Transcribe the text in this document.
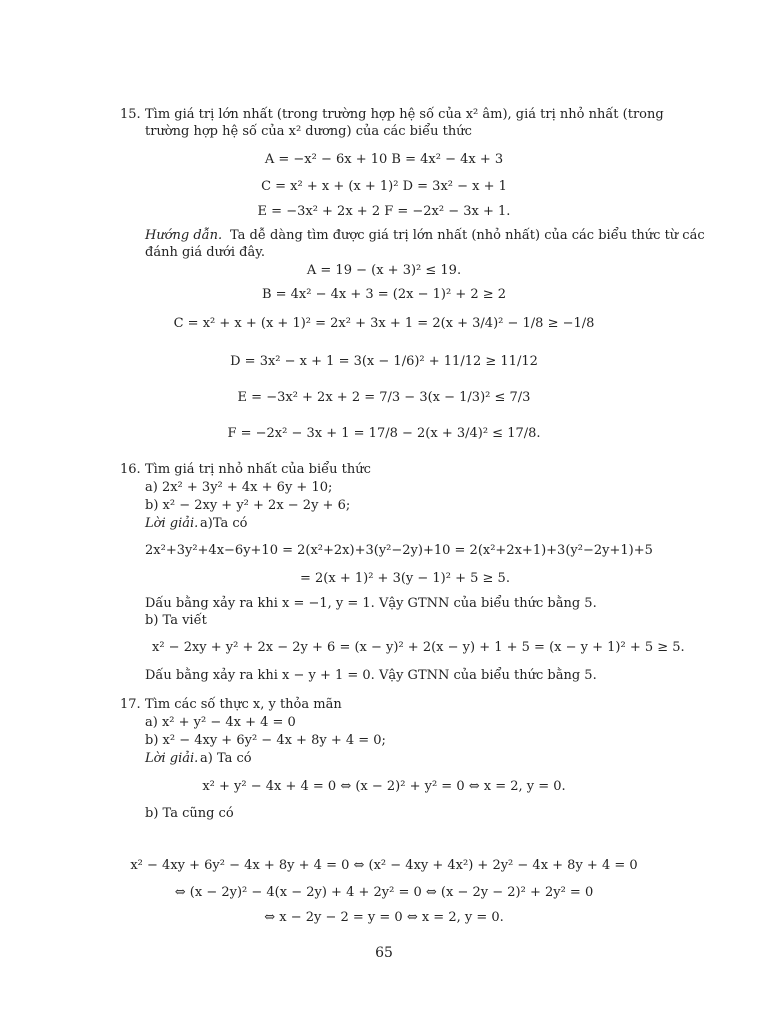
15. Tìm giá trị lớn nhất (trong trường hợp hệ số của x² âm), giá trị nhỏ nhất (trong
trường hợp hệ số của x² dương) của các biểu thức
A = −x² − 6x + 10 B = 4x² − 4x + 3
C = x² + x + (x + 1)² D = 3x² − x + 1
E = −3x² + 2x + 2 F = −2x² − 3x + 1.
Hướng dẫn. Ta dễ dàng tìm được giá trị lớn nhất (nhỏ nhất) của các biểu thức từ các
đánh giá dưới đây.
A = 19 − (x + 3)² ≤ 19.
B = 4x² − 4x + 3 = (2x − 1)² + 2 ≥ 2
C = x² + x + (x + 1)² = 2x² + 3x + 1 = 2(x + 3/4)² − 1/8 ≥ −1/8
D = 3x² − x + 1 = 3(x − 1/6)² + 11/12 ≥ 11/12
E = −3x² + 2x + 2 = 7/3 − 3(x − 1/3)² ≤ 7/3
F = −2x² − 3x + 1 = 17/8 − 2(x + 3/4)² ≤ 17/8.
16. Tìm giá trị nhỏ nhất của biểu thức
a) 2x² + 3y² + 4x + 6y + 10;
b) x² − 2xy + y² + 2x − 2y + 6;
Lời giải. a)Ta có
2x²+3y²+4x−6y+10 = 2(x²+2x)+3(y²−2y)+10 = 2(x²+2x+1)+3(y²−2y+1)+5
= 2(x + 1)² + 3(y − 1)² + 5 ≥ 5.
Dấu bằng xảy ra khi x = −1, y = 1. Vậy GTNN của biểu thức bằng 5.
b) Ta viết
x² − 2xy + y² + 2x − 2y + 6 = (x − y)² + 2(x − y) + 1 + 5 = (x − y + 1)² + 5 ≥ 5.
Dấu bằng xảy ra khi x − y + 1 = 0. Vậy GTNN của biểu thức bằng 5.
17. Tìm các số thực x, y thỏa mãn
a) x² + y² − 4x + 4 = 0
b) x² − 4xy + 6y² − 4x + 8y + 4 = 0;
Lời giải. a) Ta có
x² + y² − 4x + 4 = 0 ⇔ (x − 2)² + y² = 0 ⇔ x = 2, y = 0.
b) Ta cũng có
x² − 4xy + 6y² − 4x + 8y + 4 = 0 ⇔ (x² − 4xy + 4x²) + 2y² − 4x + 8y + 4 = 0
⇔ (x − 2y)² − 4(x − 2y) + 4 + 2y² = 0 ⇔ (x − 2y − 2)² + 2y² = 0
⇔ x − 2y − 2 = y = 0 ⇔ x = 2, y = 0.
65
